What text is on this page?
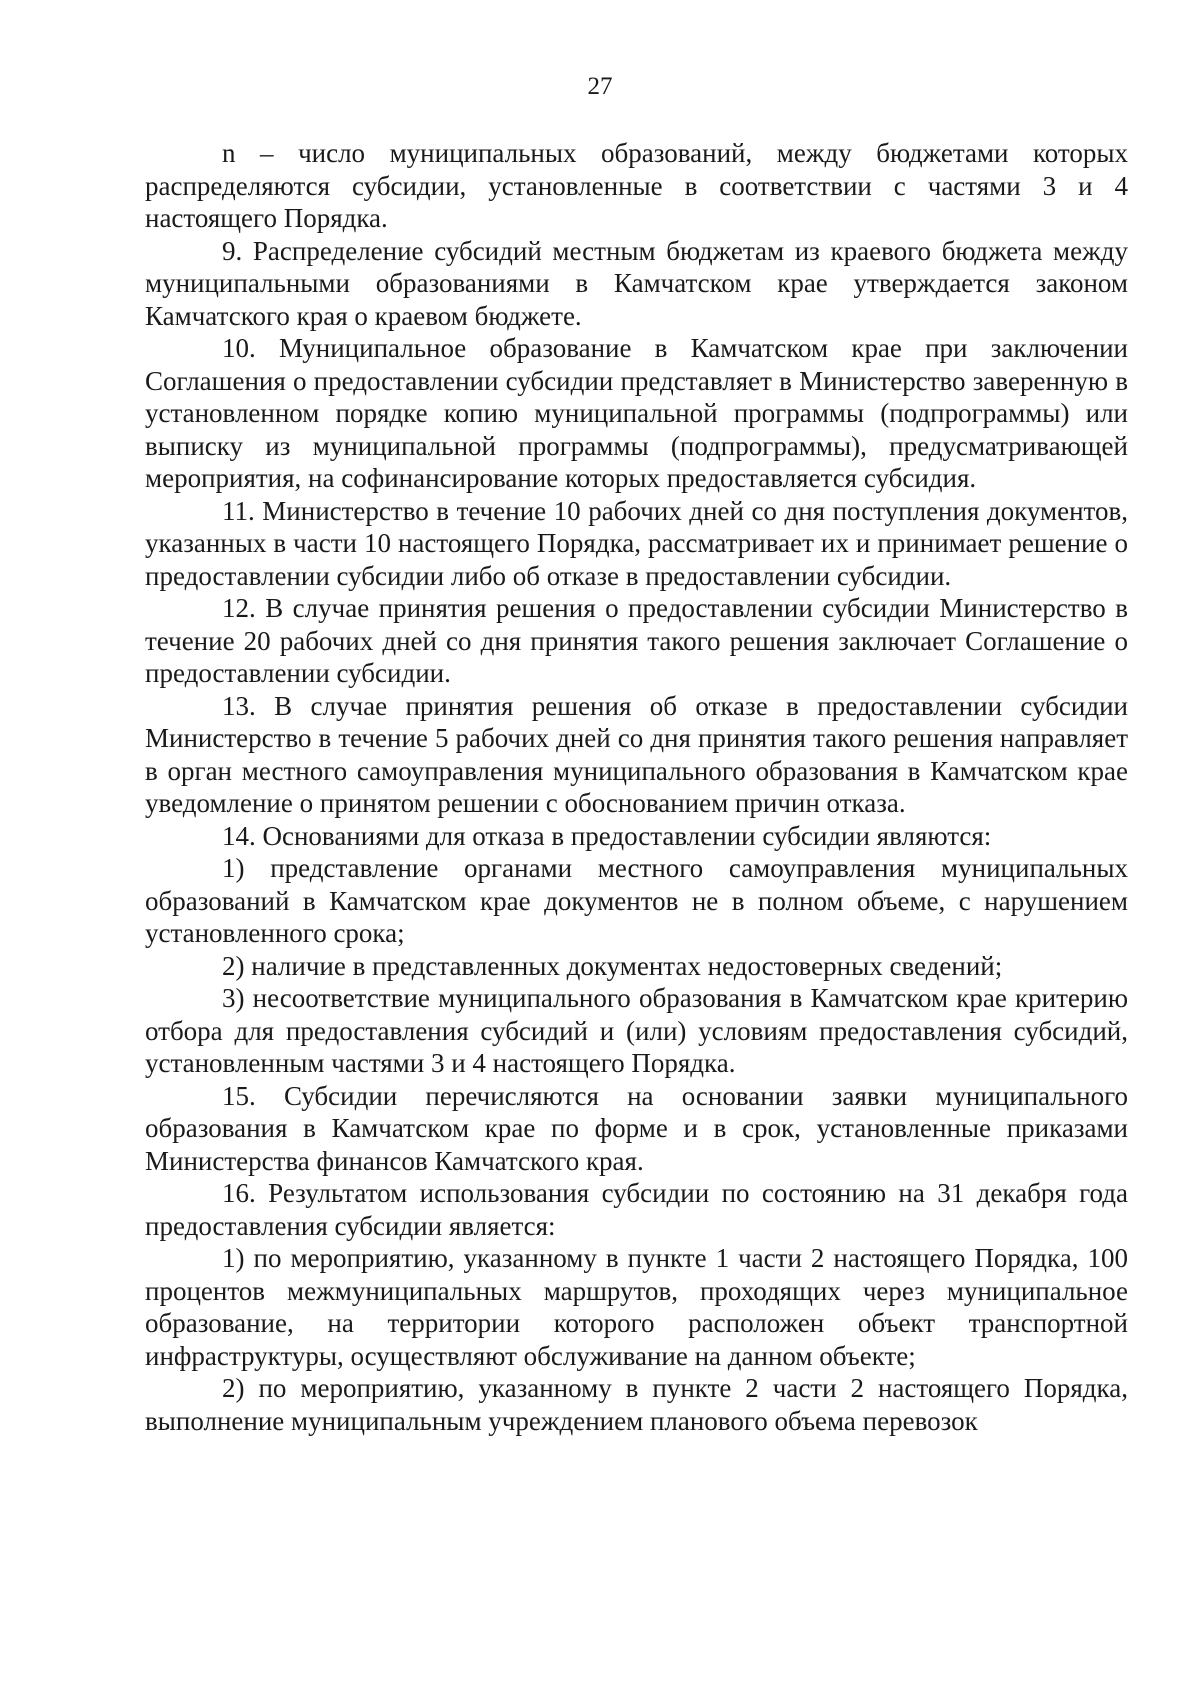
27

n – число муниципальных образований, между бюджетами которых распределяются субсидии, установленные в соответствии с частями 3 и 4 настоящего Порядка.

9. Распределение субсидий местным бюджетам из краевого бюджета между муниципальными образованиями в Камчатском крае утверждается законом Камчатского края о краевом бюджете.

10. Муниципальное образование в Камчатском крае при заключении Соглашения о предоставлении субсидии представляет в Министерство заверенную в установленном порядке копию муниципальной программы (подпрограммы) или выписку из муниципальной программы (подпрограммы), предусматривающей мероприятия, на софинансирование которых предоставляется субсидия.

11. Министерство в течение 10 рабочих дней со дня поступления документов, указанных в части 10 настоящего Порядка, рассматривает их и принимает решение о предоставлении субсидии либо об отказе в предоставлении субсидии.

12. В случае принятия решения о предоставлении субсидии Министерство в течение 20 рабочих дней со дня принятия такого решения заключает Соглашение о предоставлении субсидии.

13. В случае принятия решения об отказе в предоставлении субсидии Министерство в течение 5 рабочих дней со дня принятия такого решения направляет в орган местного самоуправления муниципального образования в Камчатском крае уведомление о принятом решении с обоснованием причин отказа.

14. Основаниями для отказа в предоставлении субсидии являются:

1) представление органами местного самоуправления муниципальных образований в Камчатском крае документов не в полном объеме, с нарушением установленного срока;

2) наличие в представленных документах недостоверных сведений;

3) несоответствие муниципального образования в Камчатском крае критерию отбора для предоставления субсидий и (или) условиям предоставления субсидий, установленным частями 3 и 4 настоящего Порядка.

15. Субсидии перечисляются на основании заявки муниципального образования в Камчатском крае по форме и в срок, установленные приказами Министерства финансов Камчатского края.

16. Результатом использования субсидии по состоянию на 31 декабря года предоставления субсидии является:

1) по мероприятию, указанному в пункте 1 части 2 настоящего Порядка, 100 процентов межмуниципальных маршрутов, проходящих через муниципальное образование, на территории которого расположен объект транспортной инфраструктуры, осуществляют обслуживание на данном объекте;

2) по мероприятию, указанному в пункте 2 части 2 настоящего Порядка, выполнение муниципальным учреждением планового объема перевозок
